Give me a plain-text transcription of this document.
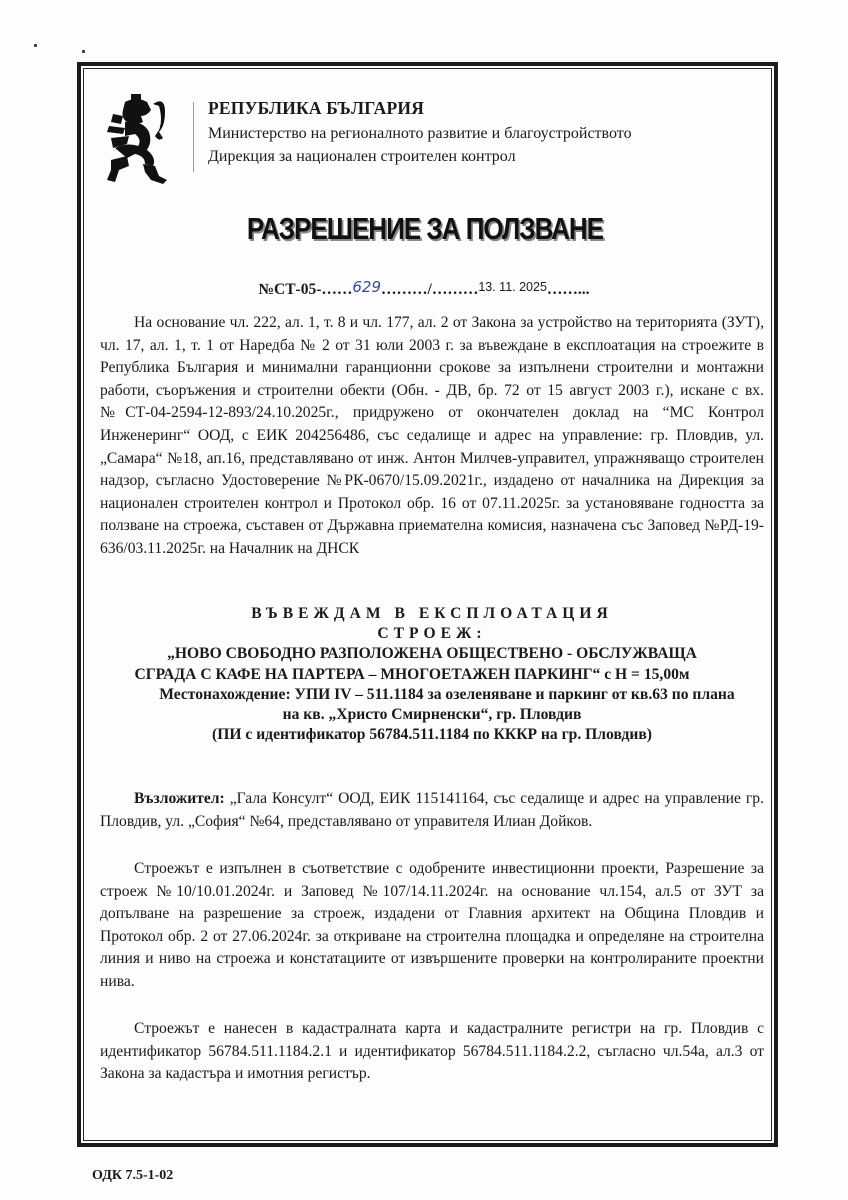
РЕПУБЛИКА БЪЛГАРИЯ

Министерство на регионалното развитие и благоустройството

Дирекция за национален строителен контрол

РАЗРЕШЕНИЕ ЗА ПОЛЗВАНЕ
№СТ-05-……629………/………13. 11. 2025……...

На основание чл. 222, ал. 1, т. 8 и чл. 177, ал. 2 от Закона за устройство на територията (ЗУТ), чл. 17, ал. 1, т. 1 от Наредба № 2 от 31 юли 2003 г. за въвеждане в експлоатация на строежите в Република България и минимални гаранционни срокове за изпълнени строителни и монтажни работи, съоръжения и строителни обекти (Обн. - ДВ, бр. 72 от 15 август 2003 г.), искане с вх.№СТ-04-2594-12-893/24.10.2025г., придружено от окончателен доклад на “МС Контрол Инженеринг“ ООД, с ЕИК 204256486, със седалище и адрес на управление: гр. Пловдив, ул. „Самара“ №18, ап.16, представлявано от инж. Антон Милчев-управител, упражняващо строителен надзор, съгласно Удостоверение №РК-0670/15.09.2021г., издадено от началника на Дирекция за национален строителен контрол и Протокол обр. 16 от 07.11.2025г. за установяване годността за ползване на строежа, съставен от Държавна приемателна комисия, назначена със Заповед №РД-19-636/03.11.2025г. на Началник на ДНСК

ВЪВЕЖДАМ В ЕКСПЛОАТАЦИЯ
СТРОЕЖ:
„НОВО СВОБОДНО РАЗПОЛОЖЕНА ОБЩЕСТВЕНО - ОБСЛУЖВАЩА
СГРАДА С КАФЕ НА ПАРТЕРА – МНОГОЕТАЖЕН ПАРКИНГ“ с Н = 15,00м
Местонахождение: УПИ IV – 511.1184 за озеленяване и паркинг от кв.63 по плана
на кв. „Христо Смирненски“, гр. Пловдив
(ПИ с идентификатор 56784.511.1184 по КККР на гр. Пловдив)

Възложител: „Гала Консулт“ ООД, ЕИК 115141164, със седалище и адрес на управление гр. Пловдив, ул. „София“ №64, представлявано от управителя Илиан Дойков.

Строежът е изпълнен в съответствие с одобрените инвестиционни проекти, Разрешение за строеж №10/10.01.2024г. и Заповед №107/14.11.2024г. на основание чл.154, ал.5 от ЗУТ за допълване на разрешение за строеж, издадени от Главния архитект на Община Пловдив и Протокол обр. 2 от 27.06.2024г. за откриване на строителна площадка и определяне на строителна линия и ниво на строежа и констатациите от извършените проверки на контролираните проектни нива.

Строежът е нанесен в кадастралната карта и кадастралните регистри на гр. Пловдив с идентификатор 56784.511.1184.2.1 и идентификатор 56784.511.1184.2.2, съгласно чл.54а, ал.3 от Закона за кадастъра и имотния регистър.

ОДК 7.5-1-02
